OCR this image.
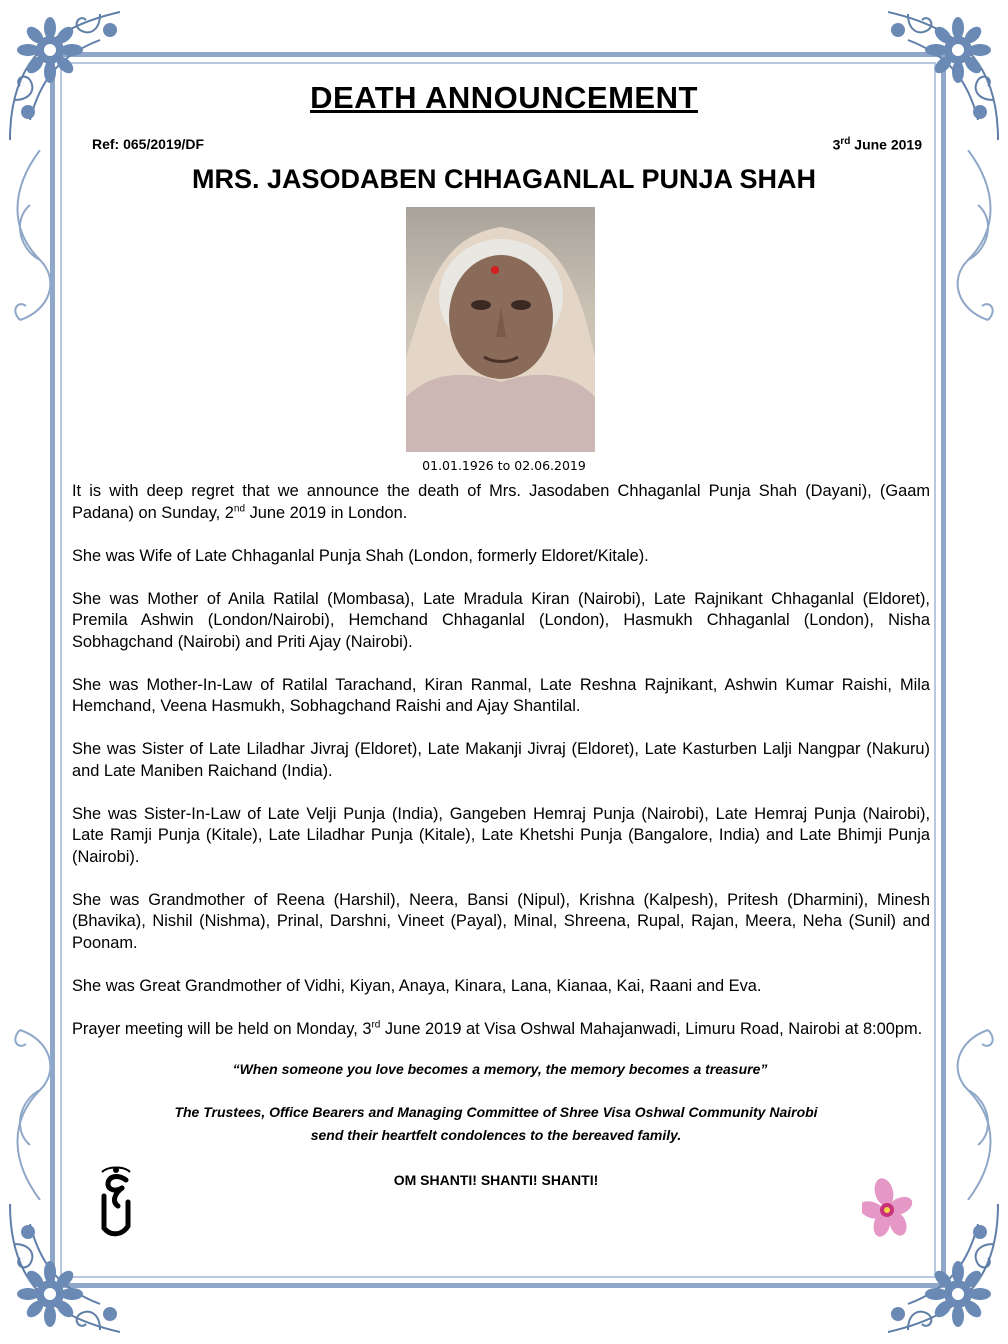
DEATH ANNOUNCEMENT
Ref: 065/2019/DF	3rd June 2019
MRS. JASODABEN CHHAGANLAL PUNJA SHAH
01.01.1926 to 02.06.2019

It is with deep regret that we announce the death of Mrs. Jasodaben Chhaganlal Punja Shah (Dayani), (Gaam Padana) on Sunday, 2nd June 2019 in London.

She was Wife of Late Chhaganlal Punja Shah (London, formerly Eldoret/Kitale).

She was Mother of Anila Ratilal (Mombasa), Late Mradula Kiran (Nairobi), Late Rajnikant Chhaganlal (Eldoret), Premila Ashwin (London/Nairobi), Hemchand Chhaganlal (London), Hasmukh Chhaganlal (London), Nisha Sobhagchand (Nairobi) and Priti Ajay (Nairobi).

She was Mother-In-Law of Ratilal Tarachand, Kiran Ranmal, Late Reshna Rajnikant, Ashwin Kumar Raishi, Mila Hemchand, Veena Hasmukh, Sobhagchand Raishi and Ajay Shantilal.

She was Sister of Late Liladhar Jivraj (Eldoret), Late Makanji Jivraj (Eldoret), Late Kasturben Lalji Nangpar (Nakuru) and Late Maniben Raichand (India).

She was Sister-In-Law of Late Velji Punja (India), Gangeben Hemraj Punja (Nairobi), Late Hemraj Punja (Nairobi), Late Ramji Punja (Kitale), Late Liladhar Punja (Kitale), Late Khetshi Punja (Bangalore, India) and Late Bhimji Punja (Nairobi).

She was Grandmother of Reena (Harshil), Neera, Bansi (Nipul), Krishna (Kalpesh), Pritesh (Dharmini), Minesh (Bhavika), Nishil (Nishma), Prinal, Darshni, Vineet (Payal), Minal, Shreena, Rupal, Rajan, Meera, Neha (Sunil) and Poonam.

She was Great Grandmother of Vidhi, Kiyan, Anaya, Kinara, Lana, Kianaa, Kai, Raani and Eva.

Prayer meeting will be held on Monday, 3rd June 2019 at Visa Oshwal Mahajanwadi, Limuru Road, Nairobi at 8:00pm.

“When someone you love becomes a memory, the memory becomes a treasure”
The Trustees, Office Bearers and Managing Committee of Shree Visa Oshwal Community Nairobi
send their heartfelt condolences to the bereaved family.
OM SHANTI! SHANTI! SHANTI!
